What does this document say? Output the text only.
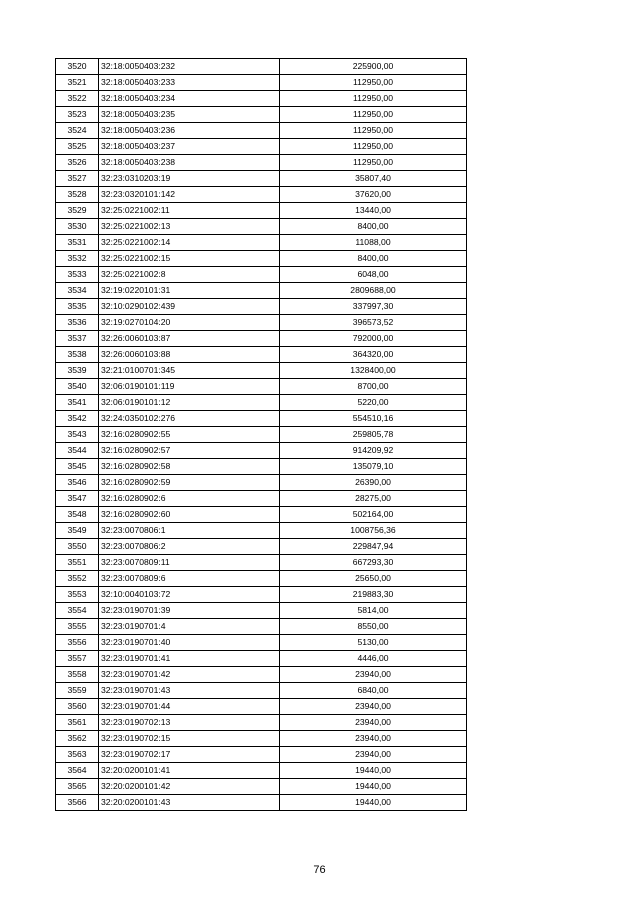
3520	32:18:0050403:232	225900,00
3521	32:18:0050403:233	112950,00
3522	32:18:0050403:234	112950,00
3523	32:18:0050403:235	112950,00
3524	32:18:0050403:236	112950,00
3525	32:18:0050403:237	112950,00
3526	32:18:0050403:238	112950,00
3527	32:23:0310203:19	35807,40
3528	32:23:0320101:142	37620,00
3529	32:25:0221002:11	13440,00
3530	32:25:0221002:13	8400,00
3531	32:25:0221002:14	11088,00
3532	32:25:0221002:15	8400,00
3533	32:25:0221002:8	6048,00
3534	32:19:0220101:31	2809688,00
3535	32:10:0290102:439	337997,30
3536	32:19:0270104:20	396573,52
3537	32:26:0060103:87	792000,00
3538	32:26:0060103:88	364320,00
3539	32:21:0100701:345	1328400,00
3540	32:06:0190101:119	8700,00
3541	32:06:0190101:12	5220,00
3542	32:24:0350102:276	554510,16
3543	32:16:0280902:55	259805,78
3544	32:16:0280902:57	914209,92
3545	32:16:0280902:58	135079,10
3546	32:16:0280902:59	26390,00
3547	32:16:0280902:6	28275,00
3548	32:16:0280902:60	502164,00
3549	32:23:0070806:1	1008756,36
3550	32:23:0070806:2	229847,94
3551	32:23:0070809:11	667293,30
3552	32:23:0070809:6	25650,00
3553	32:10:0040103:72	219883,30
3554	32:23:0190701:39	5814,00
3555	32:23:0190701:4	8550,00
3556	32:23:0190701:40	5130,00
3557	32:23:0190701:41	4446,00
3558	32:23:0190701:42	23940,00
3559	32:23:0190701:43	6840,00
3560	32:23:0190701:44	23940,00
3561	32:23:0190702:13	23940,00
3562	32:23:0190702:15	23940,00
3563	32:23:0190702:17	23940,00
3564	32:20:0200101:41	19440,00
3565	32:20:0200101:42	19440,00
3566	32:20:0200101:43	19440,00
76
